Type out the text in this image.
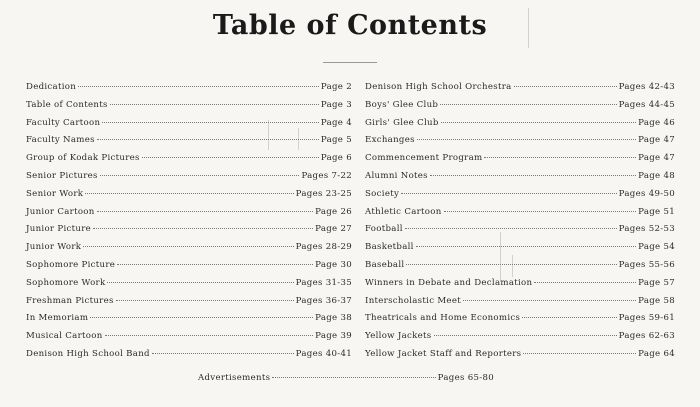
Table of Contents
Dedication	Page 2
Table of Contents	Page 3
Faculty Cartoon	Page 4
Faculty Names	Page 5
Group of Kodak Pictures	Page 6
Senior Pictures	Pages 7-22
Senior Work	Pages 23-25
Junior Cartoon	Page 26
Junior Picture	Page 27
Junior Work	Pages 28-29
Sophomore Picture	Page 30
Sophomore Work	Pages 31-35
Freshman Pictures	Pages 36-37
In Memoriam	Page 38
Musical Cartoon	Page 39
Denison High School Band	Pages 40-41
Denison High School Orchestra	Pages 42-43
Boys' Glee Club	Pages 44-45
Girls' Glee Club	Page 46
Exchanges	Page 47
Commencement Program	Page 47
Alumni Notes	Page 48
Society	Pages 49-50
Athletic Cartoon	Page 51
Football	Pages 52-53
Basketball	Page 54
Baseball	Pages 55-56
Winners in Debate and Declamation	Page 57
Interscholastic Meet	Page 58
Theatricals and Home Economics	Pages 59-61
Yellow Jackets	Pages 62-63
Yellow Jacket Staff and Reporters	Page 64
Advertisements	Pages 65-80
